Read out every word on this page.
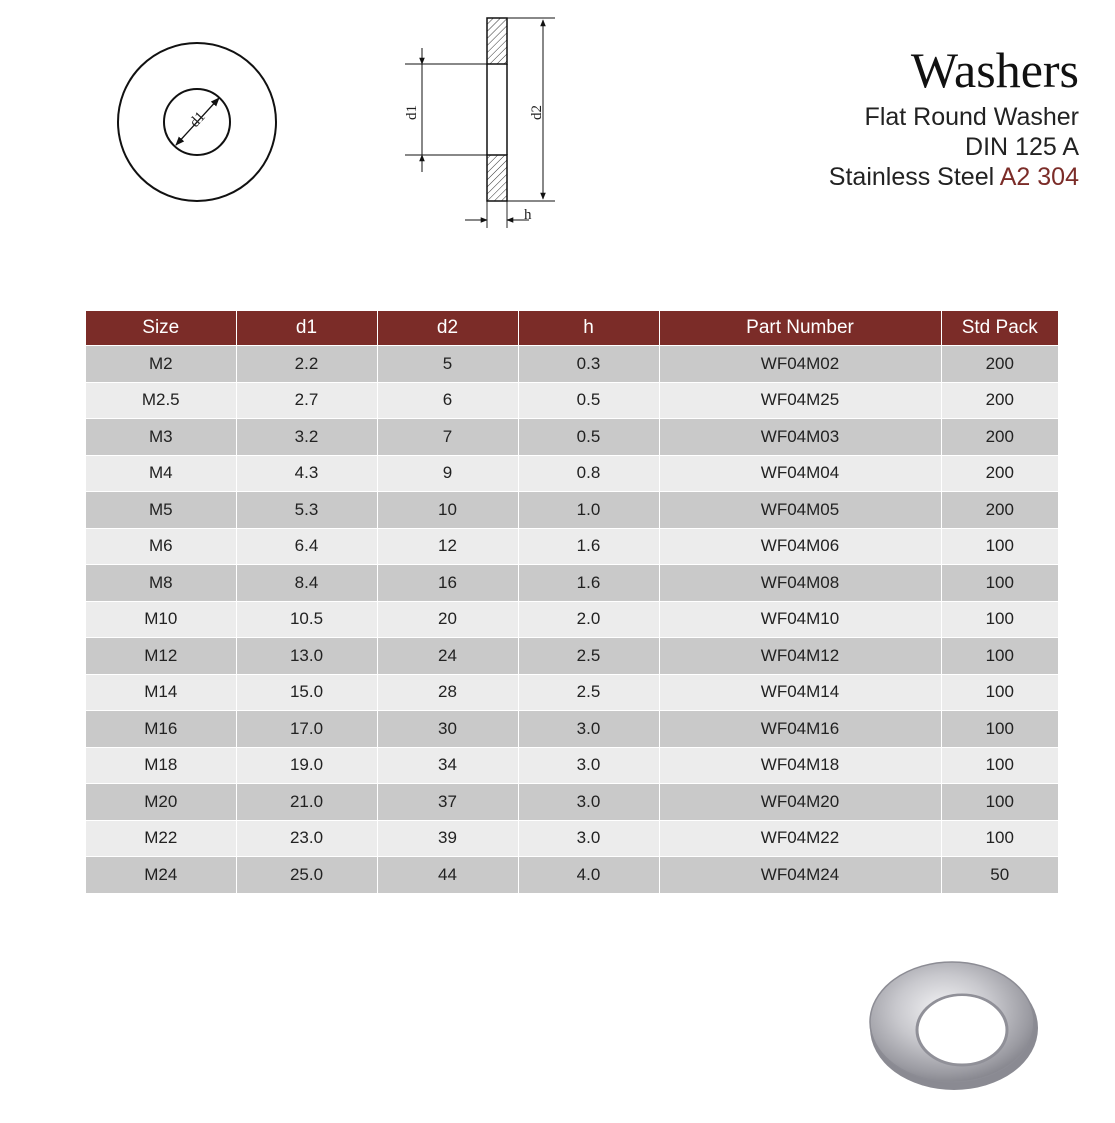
d1	d1	d2
h
Washers
Flat Round Washer
DIN 125 A
Stainless Steel A2 304
Size	d1	d2	h	Part Number	Std Pack
M2	2.2	5	0.3	WF04M02	200
M2.5	2.7	6	0.5	WF04M25	200
M3	3.2	7	0.5	WF04M03	200
M4	4.3	9	0.8	WF04M04	200
M5	5.3	10	1.0	WF04M05	200
M6	6.4	12	1.6	WF04M06	100
M8	8.4	16	1.6	WF04M08	100
M10	10.5	20	2.0	WF04M10	100
M12	13.0	24	2.5	WF04M12	100
M14	15.0	28	2.5	WF04M14	100
M16	17.0	30	3.0	WF04M16	100
M18	19.0	34	3.0	WF04M18	100
M20	21.0	37	3.0	WF04M20	100
M22	23.0	39	3.0	WF04M22	100
M24	25.0	44	4.0	WF04M24	50
